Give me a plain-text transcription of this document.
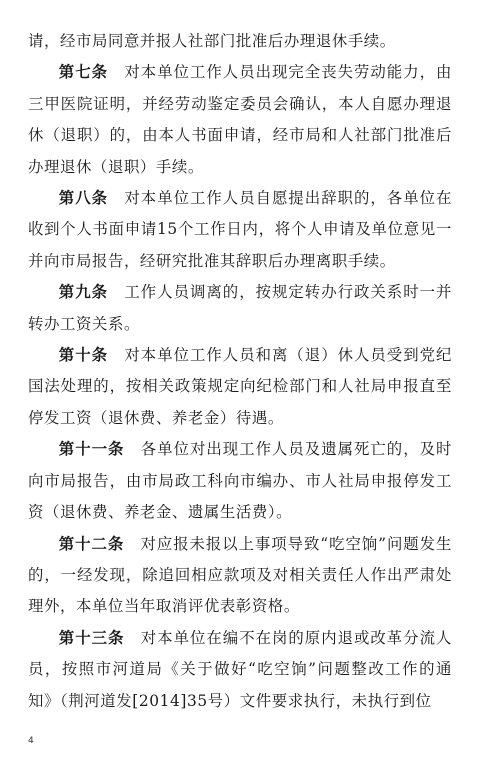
请，经市局同意并报人社部门批准后办理退休手续。

第七条　对本单位工作人员出现完全丧失劳动能力，由三甲医院证明，并经劳动鉴定委员会确认，本人自愿办理退休（退职）的，由本人书面申请，经市局和人社部门批准后办理退休（退职）手续。

第八条　对本单位工作人员自愿提出辞职的，各单位在收到个人书面申请15个工作日内，将个人申请及单位意见一并向市局报告，经研究批准其辞职后办理离职手续。

第九条　工作人员调离的，按规定转办行政关系时一并转办工资关系。

第十条　对本单位工作人员和离（退）休人员受到党纪国法处理的，按相关政策规定向纪检部门和人社局申报直至停发工资（退休费、养老金）待遇。

第十一条　各单位对出现工作人员及遗属死亡的，及时向市局报告，由市局政工科向市编办、市人社局申报停发工资（退休费、养老金、遗属生活费）。

第十二条　对应报未报以上事项导致“吃空饷”问题发生的，一经发现，除追回相应款项及对相关责任人作出严肃处理外，本单位当年取消评优表彰资格。

第十三条　对本单位在编不在岗的原内退或改革分流人员，按照市河道局《关于做好“吃空饷”问题整改工作的通知》（荆河道发[2014]35号）文件要求执行，未执行到位

4
